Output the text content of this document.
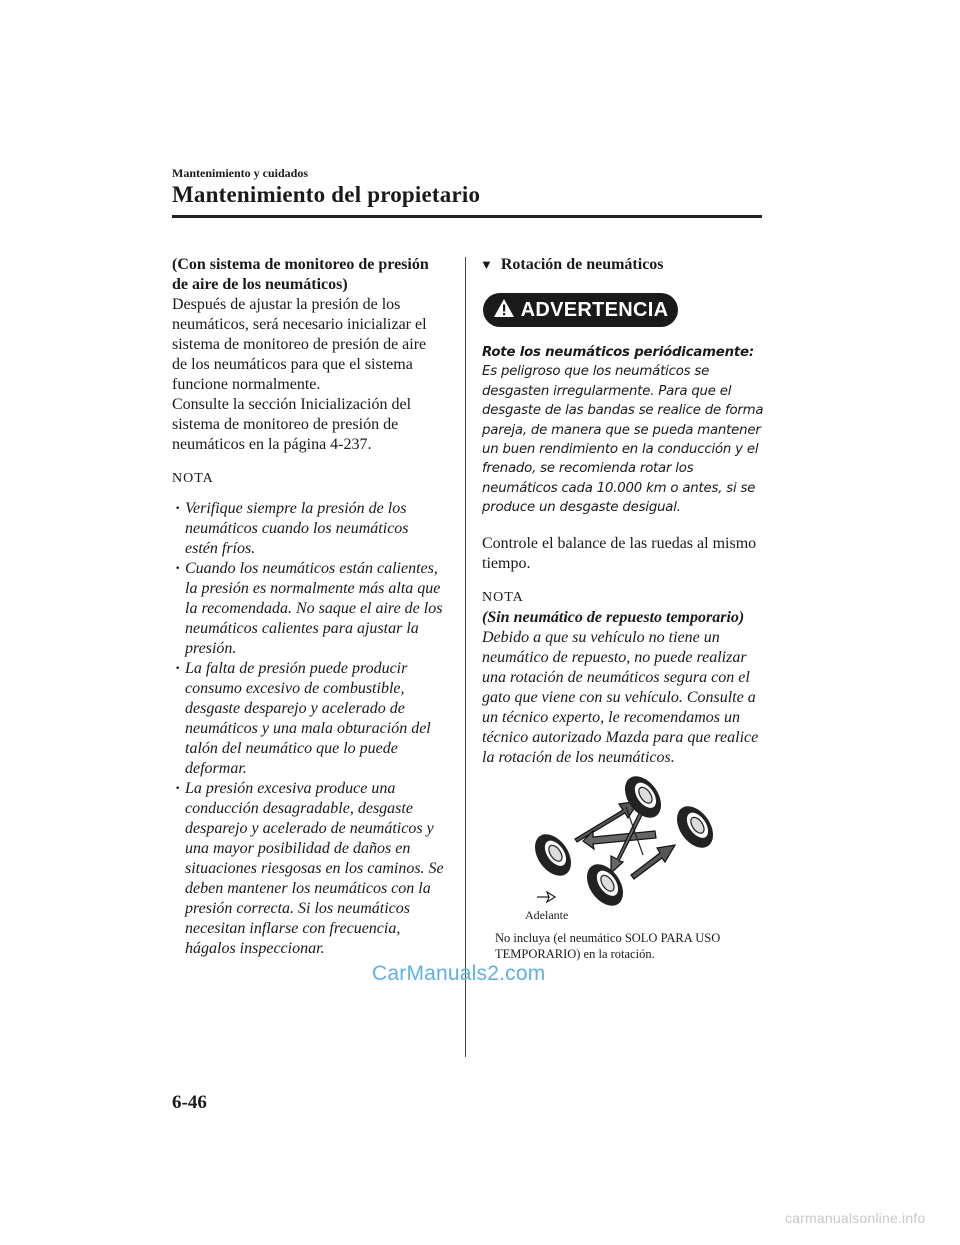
Mantenimiento y cuidados
Mantenimiento del propietario

(Con sistema de monitoreo de presión de aire de los neumáticos)

Después de ajustar la presión de los neumáticos, será necesario inicializar el sistema de monitoreo de presión de aire de los neumáticos para que el sistema funcione normalmente.

Consulte la sección Inicialización del sistema de monitoreo de presión de neumáticos en la página 4-237.

NOTA

· Verifique siempre la presión de los neumáticos cuando los neumáticos estén fríos.
· Cuando los neumáticos están calientes, la presión es normalmente más alta que la recomendada. No saque el aire de los neumáticos calientes para ajustar la presión.
· La falta de presión puede producir consumo excesivo de combustible, desgaste desparejo y acelerado de neumáticos y una mala obturación del talón del neumático que lo puede deformar.
· La presión excesiva produce una conducción desagradable, desgaste desparejo y acelerado de neumáticos y una mayor posibilidad de daños en situaciones riesgosas en los caminos. Se deben mantener los neumáticos con la presión correcta. Si los neumáticos necesitan inflarse con frecuencia, hágalos inspeccionar.

▼ Rotación de neumáticos

ADVERTENCIA

Rote los neumáticos periódicamente:
Es peligroso que los neumáticos se desgasten irregularmente. Para que el desgaste de las bandas se realice de forma pareja, de manera que se pueda mantener un buen rendimiento en la conducción y el frenado, se recomienda rotar los neumáticos cada 10.000 km o antes, si se produce un desgaste desigual.

Controle el balance de las ruedas al mismo tiempo.

NOTA

(Sin neumático de repuesto temporario)

Debido a que su vehículo no tiene un neumático de repuesto, no puede realizar una rotación de neumáticos segura con el gato que viene con su vehículo. Consulte a un técnico experto, le recomendamos un técnico autorizado Mazda para que realice la rotación de los neumáticos.

Adelante
No incluya (el neumático SOLO PARA USO TEMPORARIO) en la rotación.
CarManuals2.com
6-46
carmanualsonline.info
